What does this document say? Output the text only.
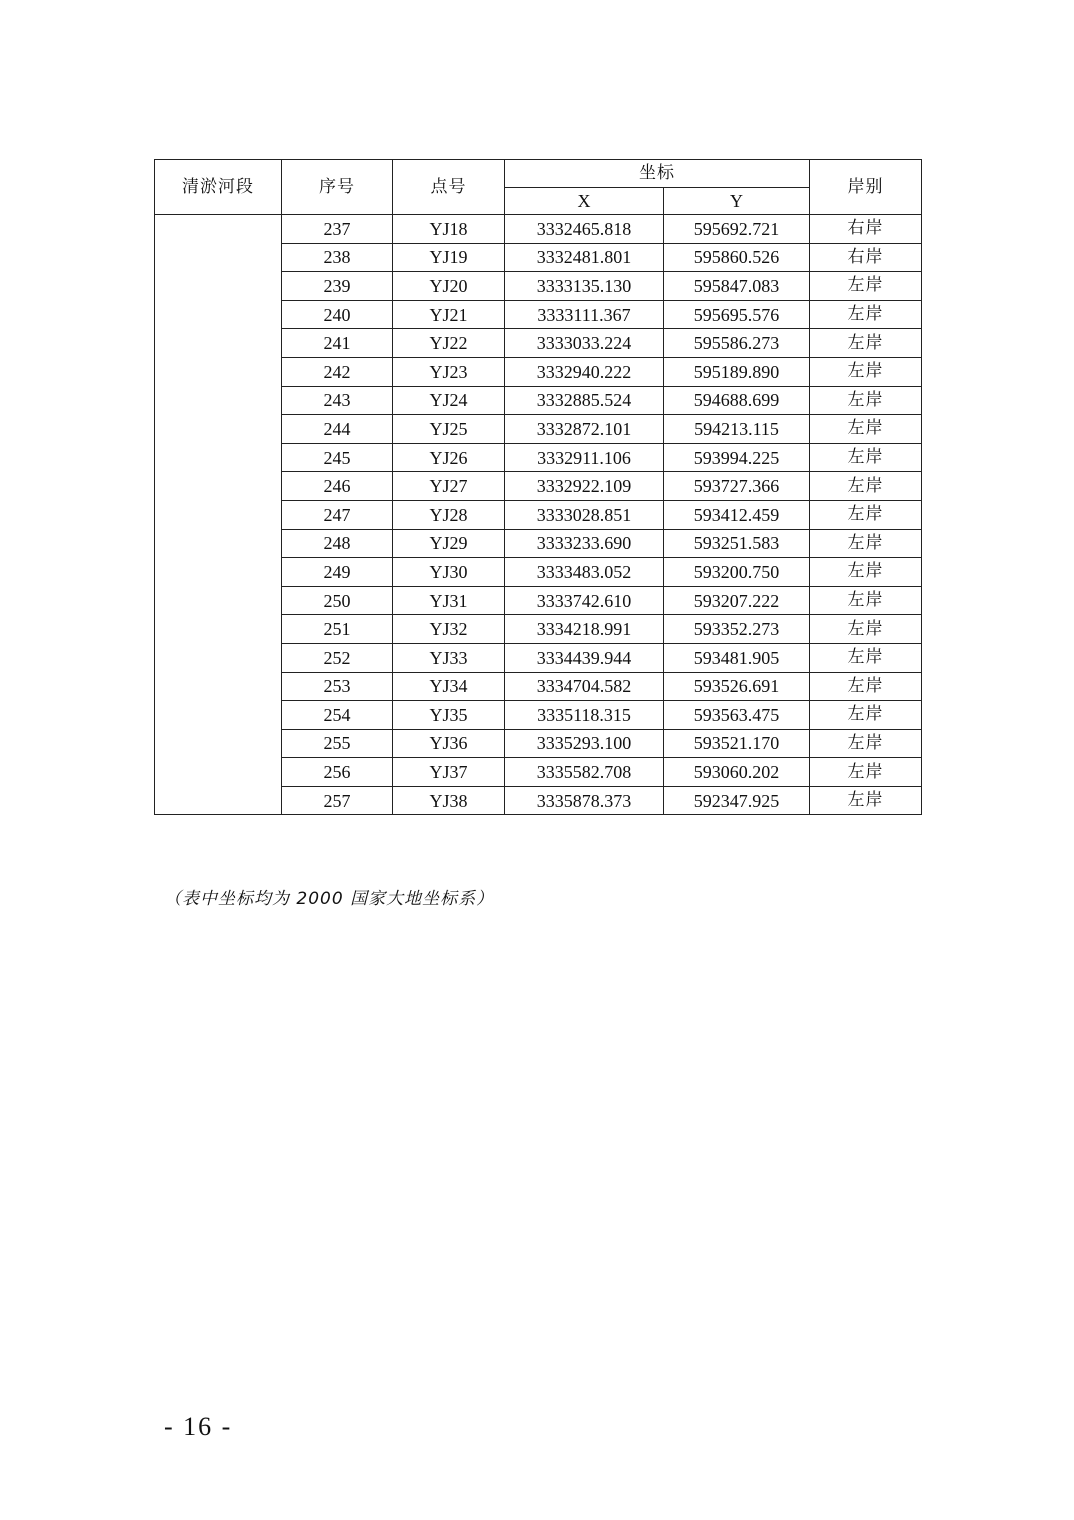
清淤河段	序号	点号	坐标		岸别
			X	Y	
	237	YJ18	3332465.818	595692.721	右岸
	238	YJ19	3332481.801	595860.526	右岸
	239	YJ20	3333135.130	595847.083	左岸
	240	YJ21	3333111.367	595695.576	左岸
	241	YJ22	3333033.224	595586.273	左岸
	242	YJ23	3332940.222	595189.890	左岸
	243	YJ24	3332885.524	594688.699	左岸
	244	YJ25	3332872.101	594213.115	左岸
	245	YJ26	3332911.106	593994.225	左岸
	246	YJ27	3332922.109	593727.366	左岸
	247	YJ28	3333028.851	593412.459	左岸
	248	YJ29	3333233.690	593251.583	左岸
	249	YJ30	3333483.052	593200.750	左岸
	250	YJ31	3333742.610	593207.222	左岸
	251	YJ32	3334218.991	593352.273	左岸
	252	YJ33	3334439.944	593481.905	左岸
	253	YJ34	3334704.582	593526.691	左岸
	254	YJ35	3335118.315	593563.475	左岸
	255	YJ36	3335293.100	593521.170	左岸
	256	YJ37	3335582.708	593060.202	左岸
	257	YJ38	3335878.373	592347.925	左岸
（表中坐标均为 2000 国家大地坐标系）
- 16 -
